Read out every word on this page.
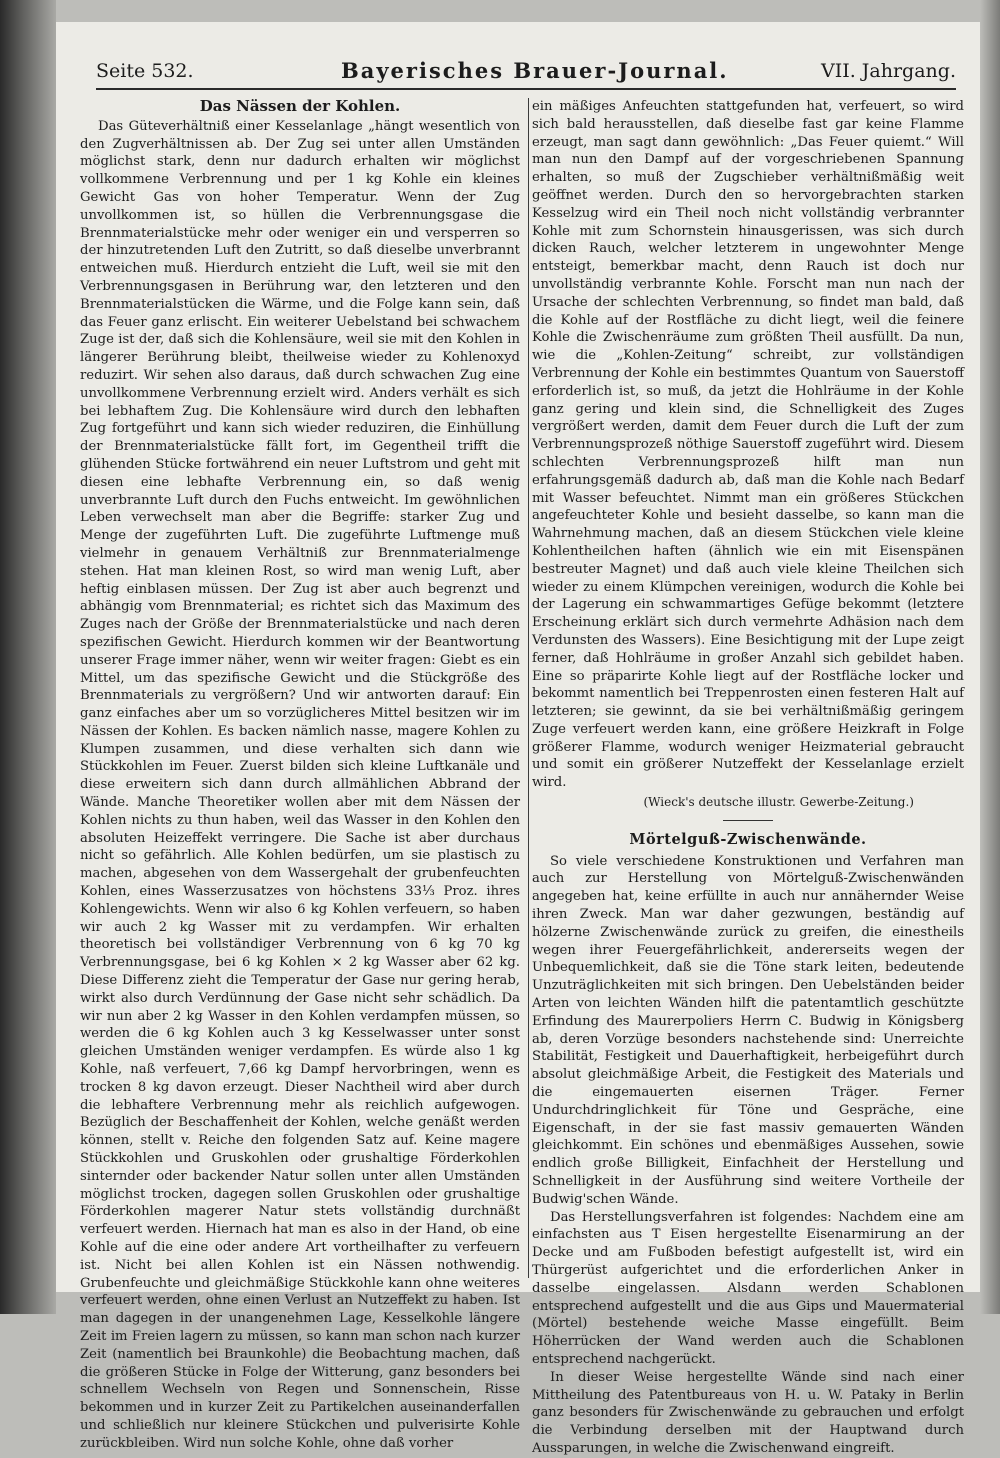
Seite 532.	Bayerisches Brauer-Journal.	VII. Jahrgang.
Das Nässen der Kohlen.

Das Güteverhältniß einer Kesselanlage „hängt wesentlich von den Zugverhältnissen ab. Der Zug sei unter allen Umständen möglichst stark, denn nur dadurch erhalten wir möglichst vollkommene Verbrennung und per 1 kg Kohle ein kleines Gewicht Gas von hoher Temperatur. Wenn der Zug unvollkommen ist, so hüllen die Verbrennungsgase die Brennmaterialstücke mehr oder weniger ein und versperren so der hinzutretenden Luft den Zutritt, so daß dieselbe unverbrannt entweichen muß. Hierdurch entzieht die Luft, weil sie mit den Verbrennungsgasen in Berührung war, den letzteren und den Brennmaterialstücken die Wärme, und die Folge kann sein, daß das Feuer ganz erlischt. Ein weiterer Uebelstand bei schwachem Zuge ist der, daß sich die Kohlensäure, weil sie mit den Kohlen in längerer Berührung bleibt, theilweise wieder zu Kohlenoxyd reduzirt. Wir sehen also daraus, daß durch schwachen Zug eine unvollkommene Verbrennung erzielt wird. Anders verhält es sich bei lebhaftem Zug. Die Kohlensäure wird durch den lebhaften Zug fortgeführt und kann sich wieder reduziren, die Einhüllung der Brennmaterialstücke fällt fort, im Gegentheil trifft die glühenden Stücke fortwährend ein neuer Luftstrom und geht mit diesen eine lebhafte Verbrennung ein, so daß wenig unverbrannte Luft durch den Fuchs entweicht. Im gewöhnlichen Leben verwechselt man aber die Begriffe: starker Zug und Menge der zugeführten Luft. Die zugeführte Luftmenge muß vielmehr in genauem Verhältniß zur Brennmaterialmenge stehen. Hat man kleinen Rost, so wird man wenig Luft, aber heftig einblasen müssen. Der Zug ist aber auch begrenzt und abhängig vom Brennmaterial; es richtet sich das Maximum des Zuges nach der Größe der Brennmaterialstücke und nach deren spezifischen Gewicht. Hierdurch kommen wir der Beantwortung unserer Frage immer näher, wenn wir weiter fragen: Giebt es ein Mittel, um das spezifische Gewicht und die Stückgröße des Brennmaterials zu vergrößern? Und wir antworten darauf: Ein ganz einfaches aber um so vorzüglicheres Mittel besitzen wir im Nässen der Kohlen. Es backen nämlich nasse, magere Kohlen zu Klumpen zusammen, und diese verhalten sich dann wie Stückkohlen im Feuer. Zuerst bilden sich kleine Luftkanäle und diese erweitern sich dann durch allmählichen Abbrand der Wände. Manche Theoretiker wollen aber mit dem Nässen der Kohlen nichts zu thun haben, weil das Wasser in den Kohlen den absoluten Heizeffekt verringere. Die Sache ist aber durchaus nicht so gefährlich. Alle Kohlen bedürfen, um sie plastisch zu machen, abgesehen von dem Wassergehalt der grubenfeuchten Kohlen, eines Wasserzusatzes von höchstens 33⅓ Proz. ihres Kohlengewichts. Wenn wir also 6 kg Kohlen verfeuern, so haben wir auch 2 kg Wasser mit zu verdampfen. Wir erhalten theoretisch bei vollständiger Verbrennung von 6 kg 70 kg Verbrennungsgase, bei 6 kg Kohlen × 2 kg Wasser aber 62 kg. Diese Differenz zieht die Temperatur der Gase nur gering herab, wirkt also durch Verdünnung der Gase nicht sehr schädlich. Da wir nun aber 2 kg Wasser in den Kohlen verdampfen müssen, so werden die 6 kg Kohlen auch 3 kg Kesselwasser unter sonst gleichen Umständen weniger verdampfen. Es würde also 1 kg Kohle, naß verfeuert, 7,66 kg Dampf hervorbringen, wenn es trocken 8 kg davon erzeugt. Dieser Nachtheil wird aber durch die lebhaftere Verbrennung mehr als reichlich aufgewogen. Bezüglich der Beschaffenheit der Kohlen, welche genäßt werden können, stellt v. Reiche den folgenden Satz auf. Keine magere Stückkohlen und Gruskohlen oder grushaltige Förderkohlen sinternder oder backender Natur sollen unter allen Umständen möglichst trocken, dagegen sollen Gruskohlen oder grushaltige Förderkohlen magerer Natur stets vollständig durchnäßt verfeuert werden. Hiernach hat man es also in der Hand, ob eine Kohle auf die eine oder andere Art vortheilhafter zu verfeuern ist. Nicht bei allen Kohlen ist ein Nässen nothwendig. Grubenfeuchte und gleichmäßige Stückkohle kann ohne weiteres verfeuert werden, ohne einen Verlust an Nutzeffekt zu haben. Ist man dagegen in der unangenehmen Lage, Kesselkohle längere Zeit im Freien lagern zu müssen, so kann man schon nach kurzer Zeit (namentlich bei Braunkohle) die Beobachtung machen, daß die größeren Stücke in Folge der Witterung, ganz besonders bei schnellem Wechseln von Regen und Sonnenschein, Risse bekommen und in kurzer Zeit zu Partikelchen auseinanderfallen und schließlich nur kleinere Stückchen und pulverisirte Kohle zurückbleiben. Wird nun solche Kohle, ohne daß vorher

ein mäßiges Anfeuchten stattgefunden hat, verfeuert, so wird sich bald herausstellen, daß dieselbe fast gar keine Flamme erzeugt, man sagt dann gewöhnlich: „Das Feuer quiemt.“ Will man nun den Dampf auf der vorgeschriebenen Spannung erhalten, so muß der Zugschieber verhältnißmäßig weit geöffnet werden. Durch den so hervorgebrachten starken Kesselzug wird ein Theil noch nicht vollständig verbrannter Kohle mit zum Schornstein hinausgerissen, was sich durch dicken Rauch, welcher letzterem in ungewohnter Menge entsteigt, bemerkbar macht, denn Rauch ist doch nur unvollständig verbrannte Kohle. Forscht man nun nach der Ursache der schlechten Verbrennung, so findet man bald, daß die Kohle auf der Rostfläche zu dicht liegt, weil die feinere Kohle die Zwischenräume zum größten Theil ausfüllt. Da nun, wie die „Kohlen-Zeitung“ schreibt, zur vollständigen Verbrennung der Kohle ein bestimmtes Quantum von Sauerstoff erforderlich ist, so muß, da jetzt die Hohlräume in der Kohle ganz gering und klein sind, die Schnelligkeit des Zuges vergrößert werden, damit dem Feuer durch die Luft der zum Verbrennungsprozeß nöthige Sauerstoff zugeführt wird. Diesem schlechten Verbrennungsprozeß hilft man nun erfahrungsgemäß dadurch ab, daß man die Kohle nach Bedarf mit Wasser befeuchtet. Nimmt man ein größeres Stückchen angefeuchteter Kohle und besieht dasselbe, so kann man die Wahrnehmung machen, daß an diesem Stückchen viele kleine Kohlentheilchen haften (ähnlich wie ein mit Eisenspänen bestreuter Magnet) und daß auch viele kleine Theilchen sich wieder zu einem Klümpchen vereinigen, wodurch die Kohle bei der Lagerung ein schwammartiges Gefüge bekommt (letztere Erscheinung erklärt sich durch vermehrte Adhäsion nach dem Verdunsten des Wassers). Eine Besichtigung mit der Lupe zeigt ferner, daß Hohlräume in großer Anzahl sich gebildet haben. Eine so präparirte Kohle liegt auf der Rostfläche locker und bekommt namentlich bei Treppenrosten einen festeren Halt auf letzteren; sie gewinnt, da sie bei verhältnißmäßig geringem Zuge verfeuert werden kann, eine größere Heizkraft in Folge größerer Flamme, wodurch weniger Heizmaterial gebraucht und somit ein größerer Nutzeffekt der Kesselanlage erzielt wird.

(Wieck's deutsche illustr. Gewerbe-Zeitung.)
Mörtelguß-Zwischenwände.

So viele verschiedene Konstruktionen und Verfahren man auch zur Herstellung von Mörtelguß-Zwischenwänden angegeben hat, keine erfüllte in auch nur annähernder Weise ihren Zweck. Man war daher gezwungen, beständig auf hölzerne Zwischenwände zurück zu greifen, die einestheils wegen ihrer Feuergefährlichkeit, andererseits wegen der Unbequemlichkeit, daß sie die Töne stark leiten, bedeutende Unzuträglichkeiten mit sich bringen. Den Uebelständen beider Arten von leichten Wänden hilft die patentamtlich geschützte Erfindung des Maurerpoliers Herrn C. Budwig in Königsberg ab, deren Vorzüge besonders nachstehende sind: Unerreichte Stabilität, Festigkeit und Dauerhaftigkeit, herbeigeführt durch absolut gleichmäßige Arbeit, die Festigkeit des Materials und die eingemauerten eisernen Träger. Ferner Undurchdringlichkeit für Töne und Gespräche, eine Eigenschaft, in der sie fast massiv gemauerten Wänden gleichkommt. Ein schönes und ebenmäßiges Aussehen, sowie endlich große Billigkeit, Einfachheit der Herstellung und Schnelligkeit in der Ausführung sind weitere Vortheile der Budwig'schen Wände.

Das Herstellungsverfahren ist folgendes: Nachdem eine am einfachsten aus T Eisen hergestellte Eisenarmirung an der Decke und am Fußboden befestigt aufgestellt ist, wird ein Thürgerüst aufgerichtet und die erforderlichen Anker in dasselbe eingelassen. Alsdann werden Schablonen entsprechend aufgestellt und die aus Gips und Mauermaterial (Mörtel) bestehende weiche Masse eingefüllt. Beim Höherrücken der Wand werden auch die Schablonen entsprechend nachgerückt.

In dieser Weise hergestellte Wände sind nach einer Mittheilung des Patentbureaus von H. u. W. Pataky in Berlin ganz besonders für Zwischenwände zu gebrauchen und erfolgt die Verbindung derselben mit der Hauptwand durch Aussparungen, in welche die Zwischenwand eingreift.
